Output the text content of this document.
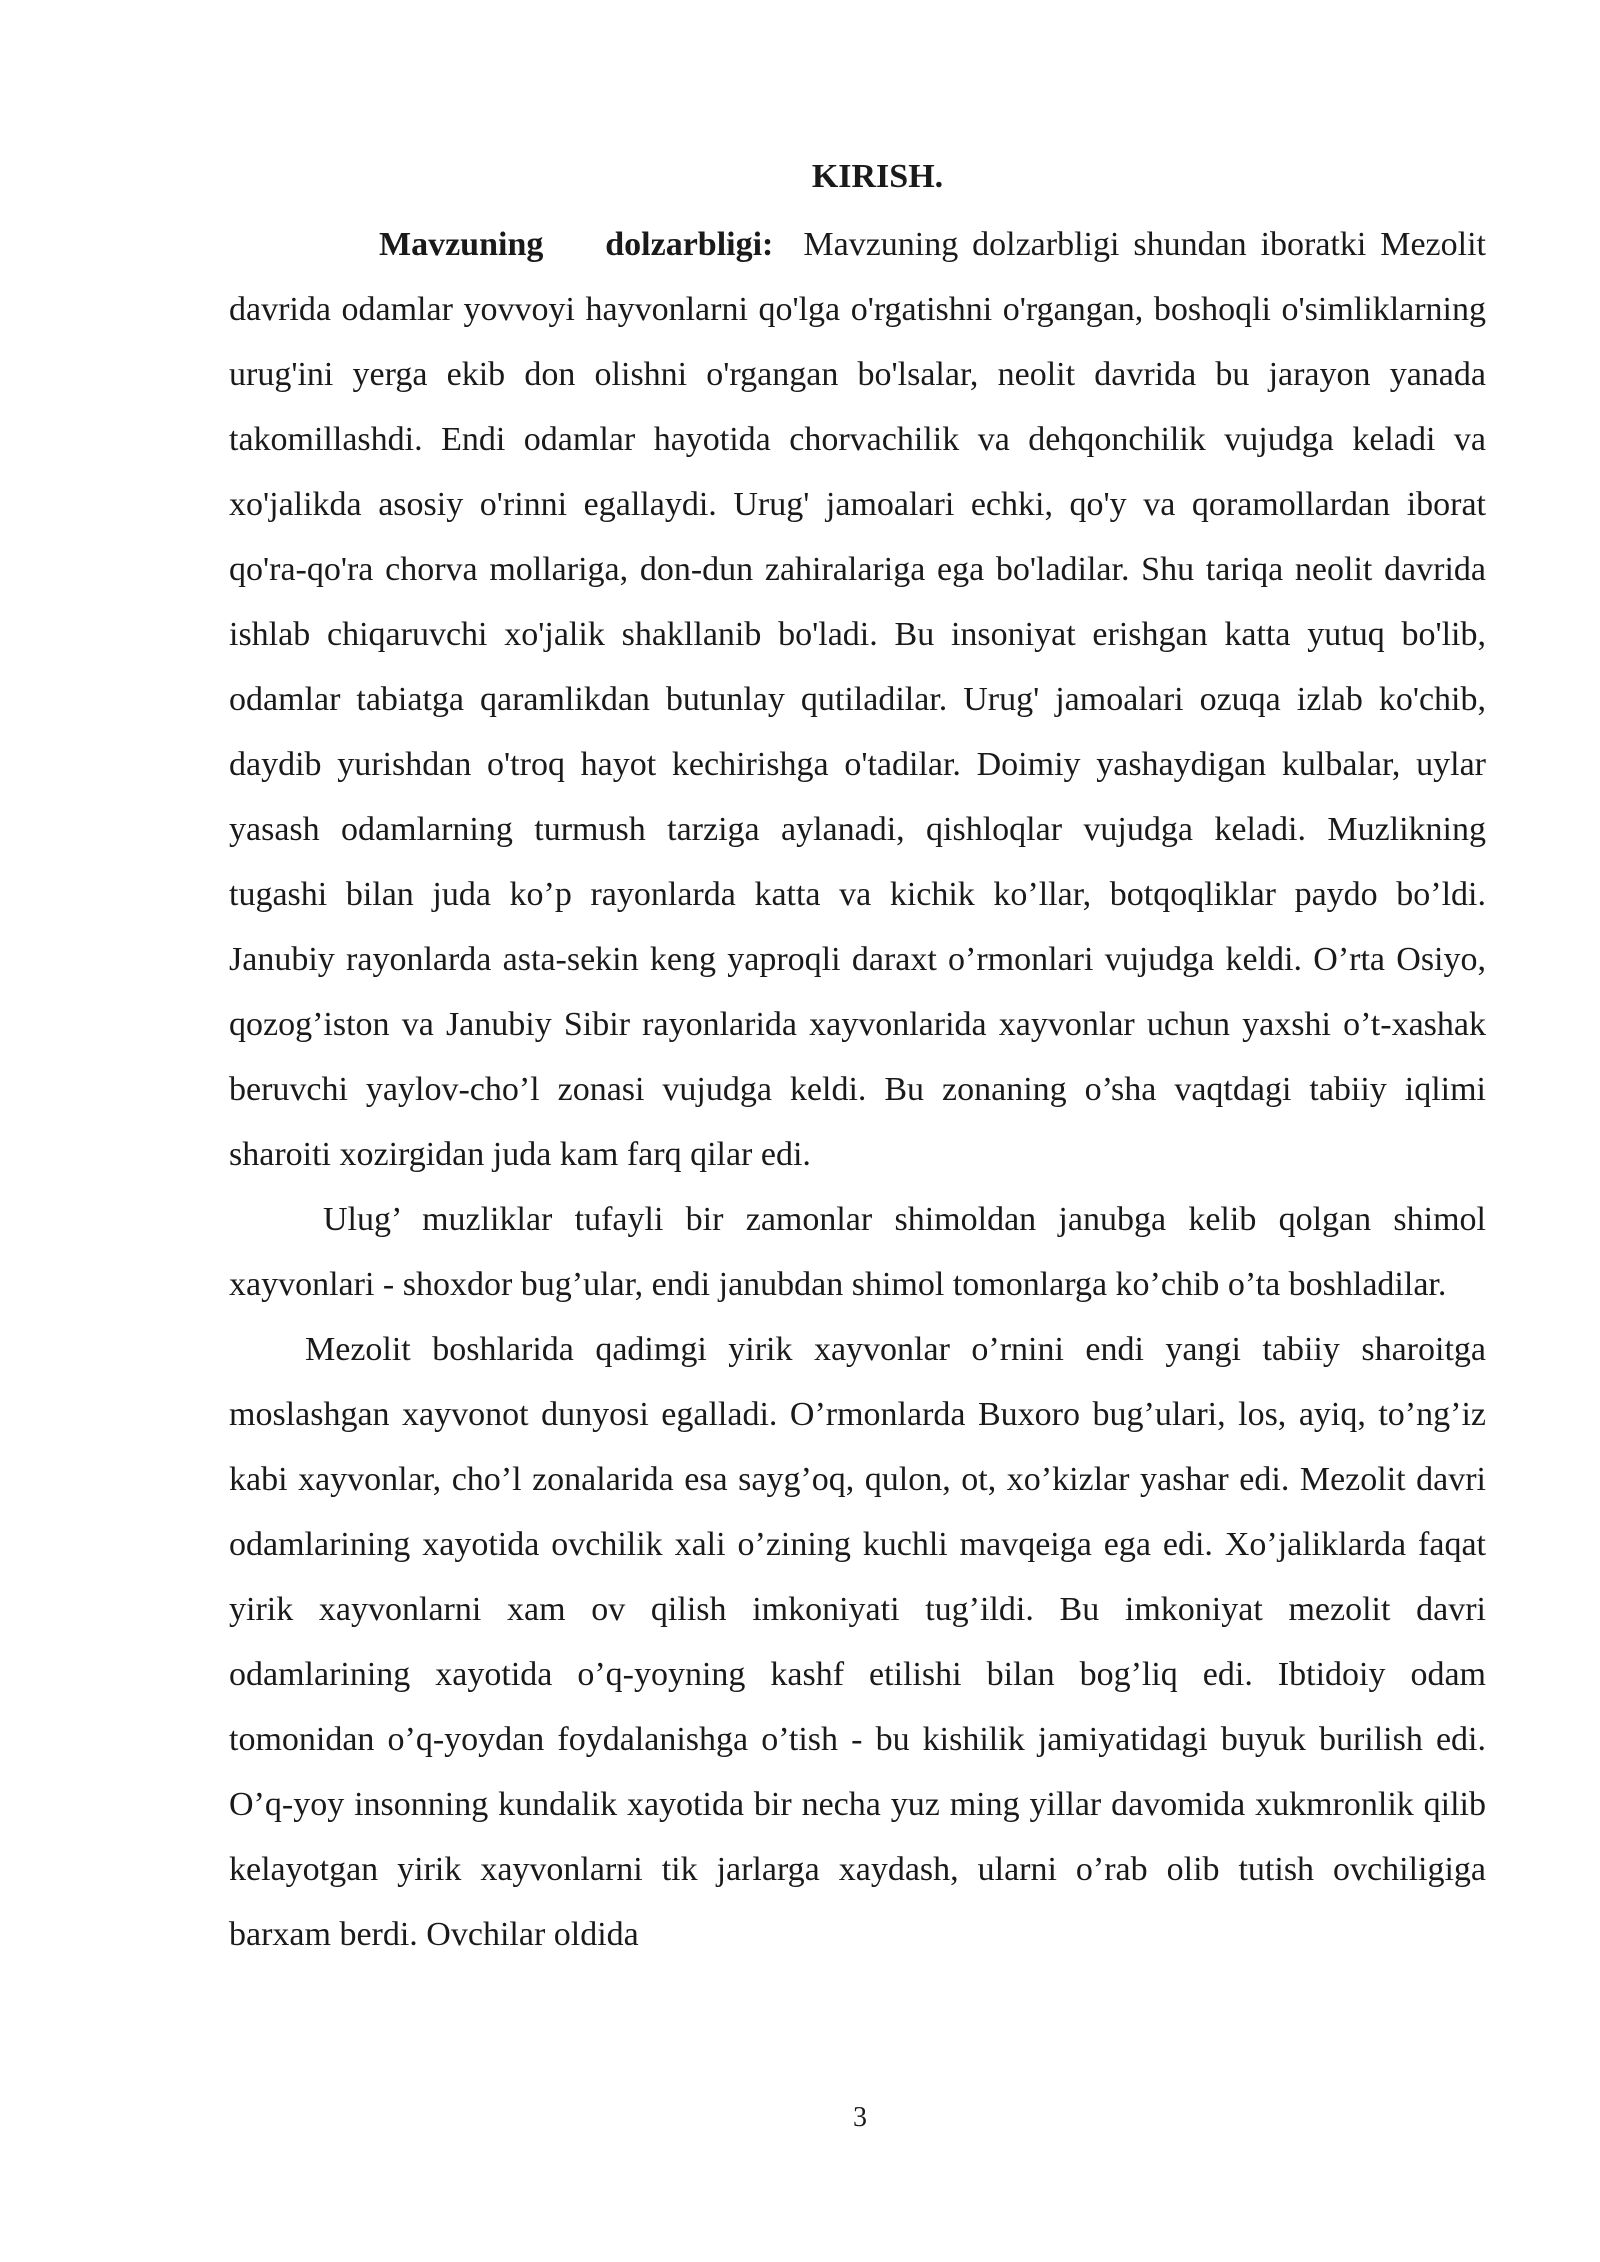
KIRISH.

Mavzuning dolzarbligi: Mavzuning dolzarbligi shundan iboratki Mezolit davrida odamlar yovvoyi hayvonlarni qo'lga o'rgatishni o'rgangan, boshoqli o'simliklarning urug'ini yerga ekib don olishni o'rgangan bo'lsalar, neolit davrida bu jarayon yanada takomillashdi. Endi odamlar hayotida chorvachilik va dehqonchilik vujudga keladi va xo'jalikda asosiy o'rinni egallaydi. Urug' jamoalari echki, qo'y va qoramollardan iborat qo'ra-qo'ra chorva mollariga, don-dun zahiralariga ega bo'ladilar. Shu tariqa neolit davrida ishlab chiqaruvchi xo'jalik shakllanib bo'ladi. Bu insoniyat erishgan katta yutuq bo'lib, odamlar tabiatga qaramlikdan butunlay qutiladilar. Urug' jamoalari ozuqa izlab ko'chib, daydib yurishdan o'troq hayot kechirishga o'tadilar. Doimiy yashaydigan kulbalar, uylar yasash odamlarning turmush tarziga aylanadi, qishloqlar vujudga keladi. Muzlikning tugashi bilan juda ko’p rayonlarda katta va kichik ko’llar, botqoqliklar paydo bo’ldi. Janubiy rayonlarda asta-sekin keng yaproqli daraxt o’rmonlari vujudga keldi. O’rta Osiyo, qozog’iston va Janubiy Sibir rayonlarida xayvonlarida xayvonlar uchun yaxshi o’t-xashak beruvchi yaylov-cho’l zonasi vujudga keldi. Bu zonaning o’sha vaqtdagi tabiiy iqlimi sharoiti xozirgidan juda kam farq qilar edi.

Ulug’ muzliklar tufayli bir zamonlar shimoldan janubga kelib qolgan shimol xayvonlari - shoxdor bug’ular, endi janubdan shimol tomonlarga ko’chib o’ta boshladilar.

Mezolit boshlarida qadimgi yirik xayvonlar o’rnini endi yangi tabiiy sharoitga moslashgan xayvonot dunyosi egalladi. O’rmonlarda Buxoro bug’ulari, los, ayiq, to’ng’iz kabi xayvonlar, cho’l zonalarida esa sayg’oq, qulon, ot, xo’kizlar yashar edi. Mezolit davri odamlarining xayotida ovchilik xali o’zining kuchli mavqeiga ega edi. Xo’jaliklarda faqat yirik xayvonlarni xam ov qilish imkoniyati tug’ildi. Bu imkoniyat mezolit davri odamlarining xayotida o’q-yoyning kashf etilishi bilan bog’liq edi. Ibtidoiy odam tomonidan o’q-yoydan foydalanishga o’tish - bu kishilik jamiyatidagi buyuk burilish edi. O’q-yoy insonning kundalik xayotida bir necha yuz ming yillar davomida xukmronlik qilib kelayotgan yirik xayvonlarni tik jarlarga xaydash, ularni o’rab olib tutish ovchiligiga barxam berdi. Ovchilar oldida

3
